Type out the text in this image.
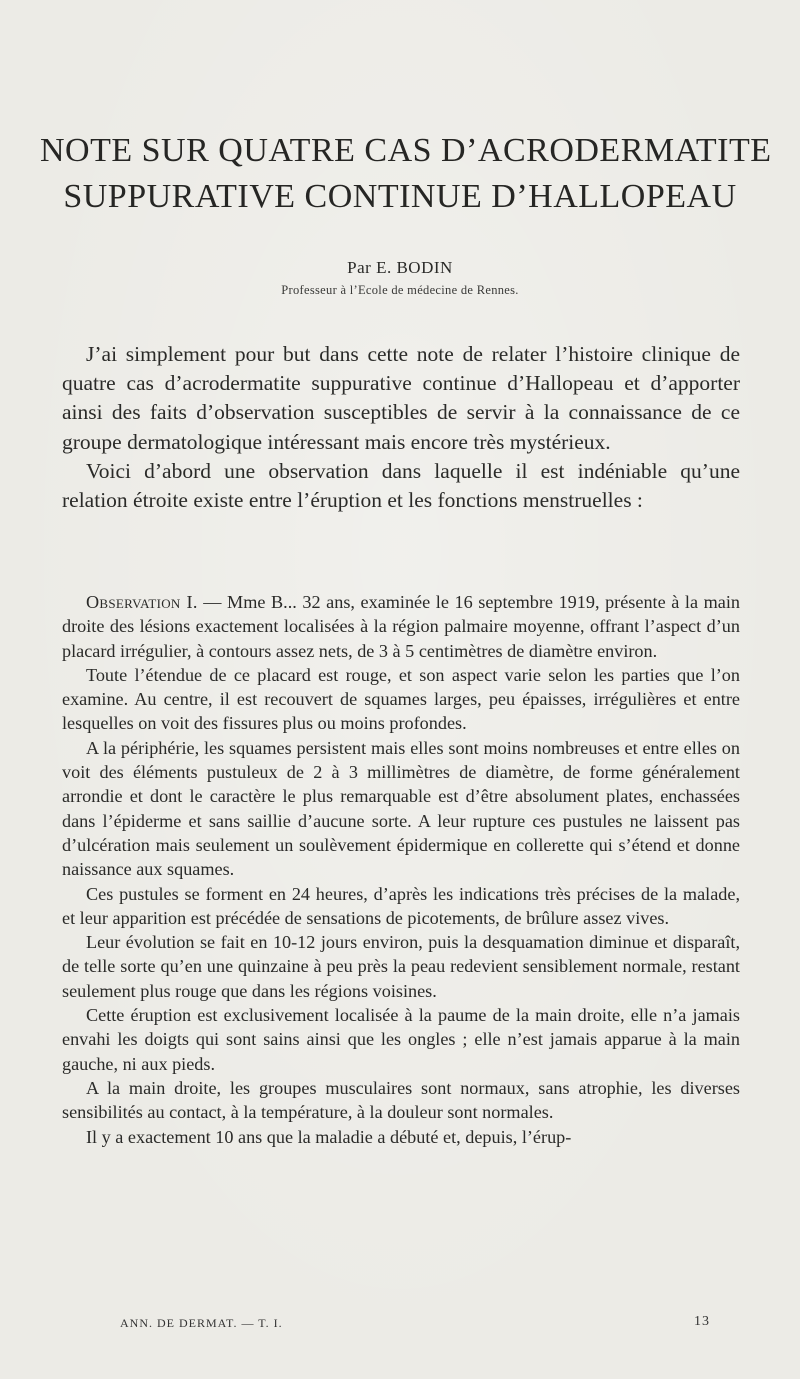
NOTE SUR QUATRE CAS D’ACRODERMATITE
SUPPURATIVE CONTINUE D’HALLOPEAU
Par E. BODIN
Professeur à l’Ecole de médecine de Rennes.

J’ai simplement pour but dans cette note de relater l’histoire clinique de quatre cas d’acrodermatite suppurative continue d’Hallopeau et d’apporter ainsi des faits d’observation susceptibles de servir à la connaissance de ce groupe dermatologique intéressant mais encore très mystérieux.

Voici d’abord une observation dans laquelle il est indéniable qu’une relation étroite existe entre l’éruption et les fonctions menstruelles :

Observation I. — Mme B... 32 ans, examinée le 16 septembre 1919, présente à la main droite des lésions exactement localisées à la région palmaire moyenne, offrant l’aspect d’un placard irrégulier, à contours assez nets, de 3 à 5 centimètres de diamètre environ.

Toute l’étendue de ce placard est rouge, et son aspect varie selon les parties que l’on examine. Au centre, il est recouvert de squames larges, peu épaisses, irrégulières et entre lesquelles on voit des fissures plus ou moins profondes.

A la périphérie, les squames persistent mais elles sont moins nombreuses et entre elles on voit des éléments pustuleux de 2 à 3 millimètres de diamètre, de forme généralement arrondie et dont le caractère le plus remarquable est d’être absolument plates, enchassées dans l’épiderme et sans saillie d’aucune sorte. A leur rupture ces pustules ne laissent pas d’ulcération mais seulement un soulèvement épidermique en collerette qui s’étend et donne naissance aux squames.

Ces pustules se forment en 24 heures, d’après les indications très précises de la malade, et leur apparition est précédée de sensations de picotements, de brûlure assez vives.

Leur évolution se fait en 10-12 jours environ, puis la desquamation diminue et disparaît, de telle sorte qu’en une quinzaine à peu près la peau redevient sensiblement normale, restant seulement plus rouge que dans les régions voisines.

Cette éruption est exclusivement localisée à la paume de la main droite, elle n’a jamais envahi les doigts qui sont sains ainsi que les ongles ; elle n’est jamais apparue à la main gauche, ni aux pieds.

A la main droite, les groupes musculaires sont normaux, sans atrophie, les diverses sensibilités au contact, à la température, à la douleur sont normales.

Il y a exactement 10 ans que la maladie a débuté et, depuis, l’érup-

ANN. DE DERMAT. — T. I.	13
